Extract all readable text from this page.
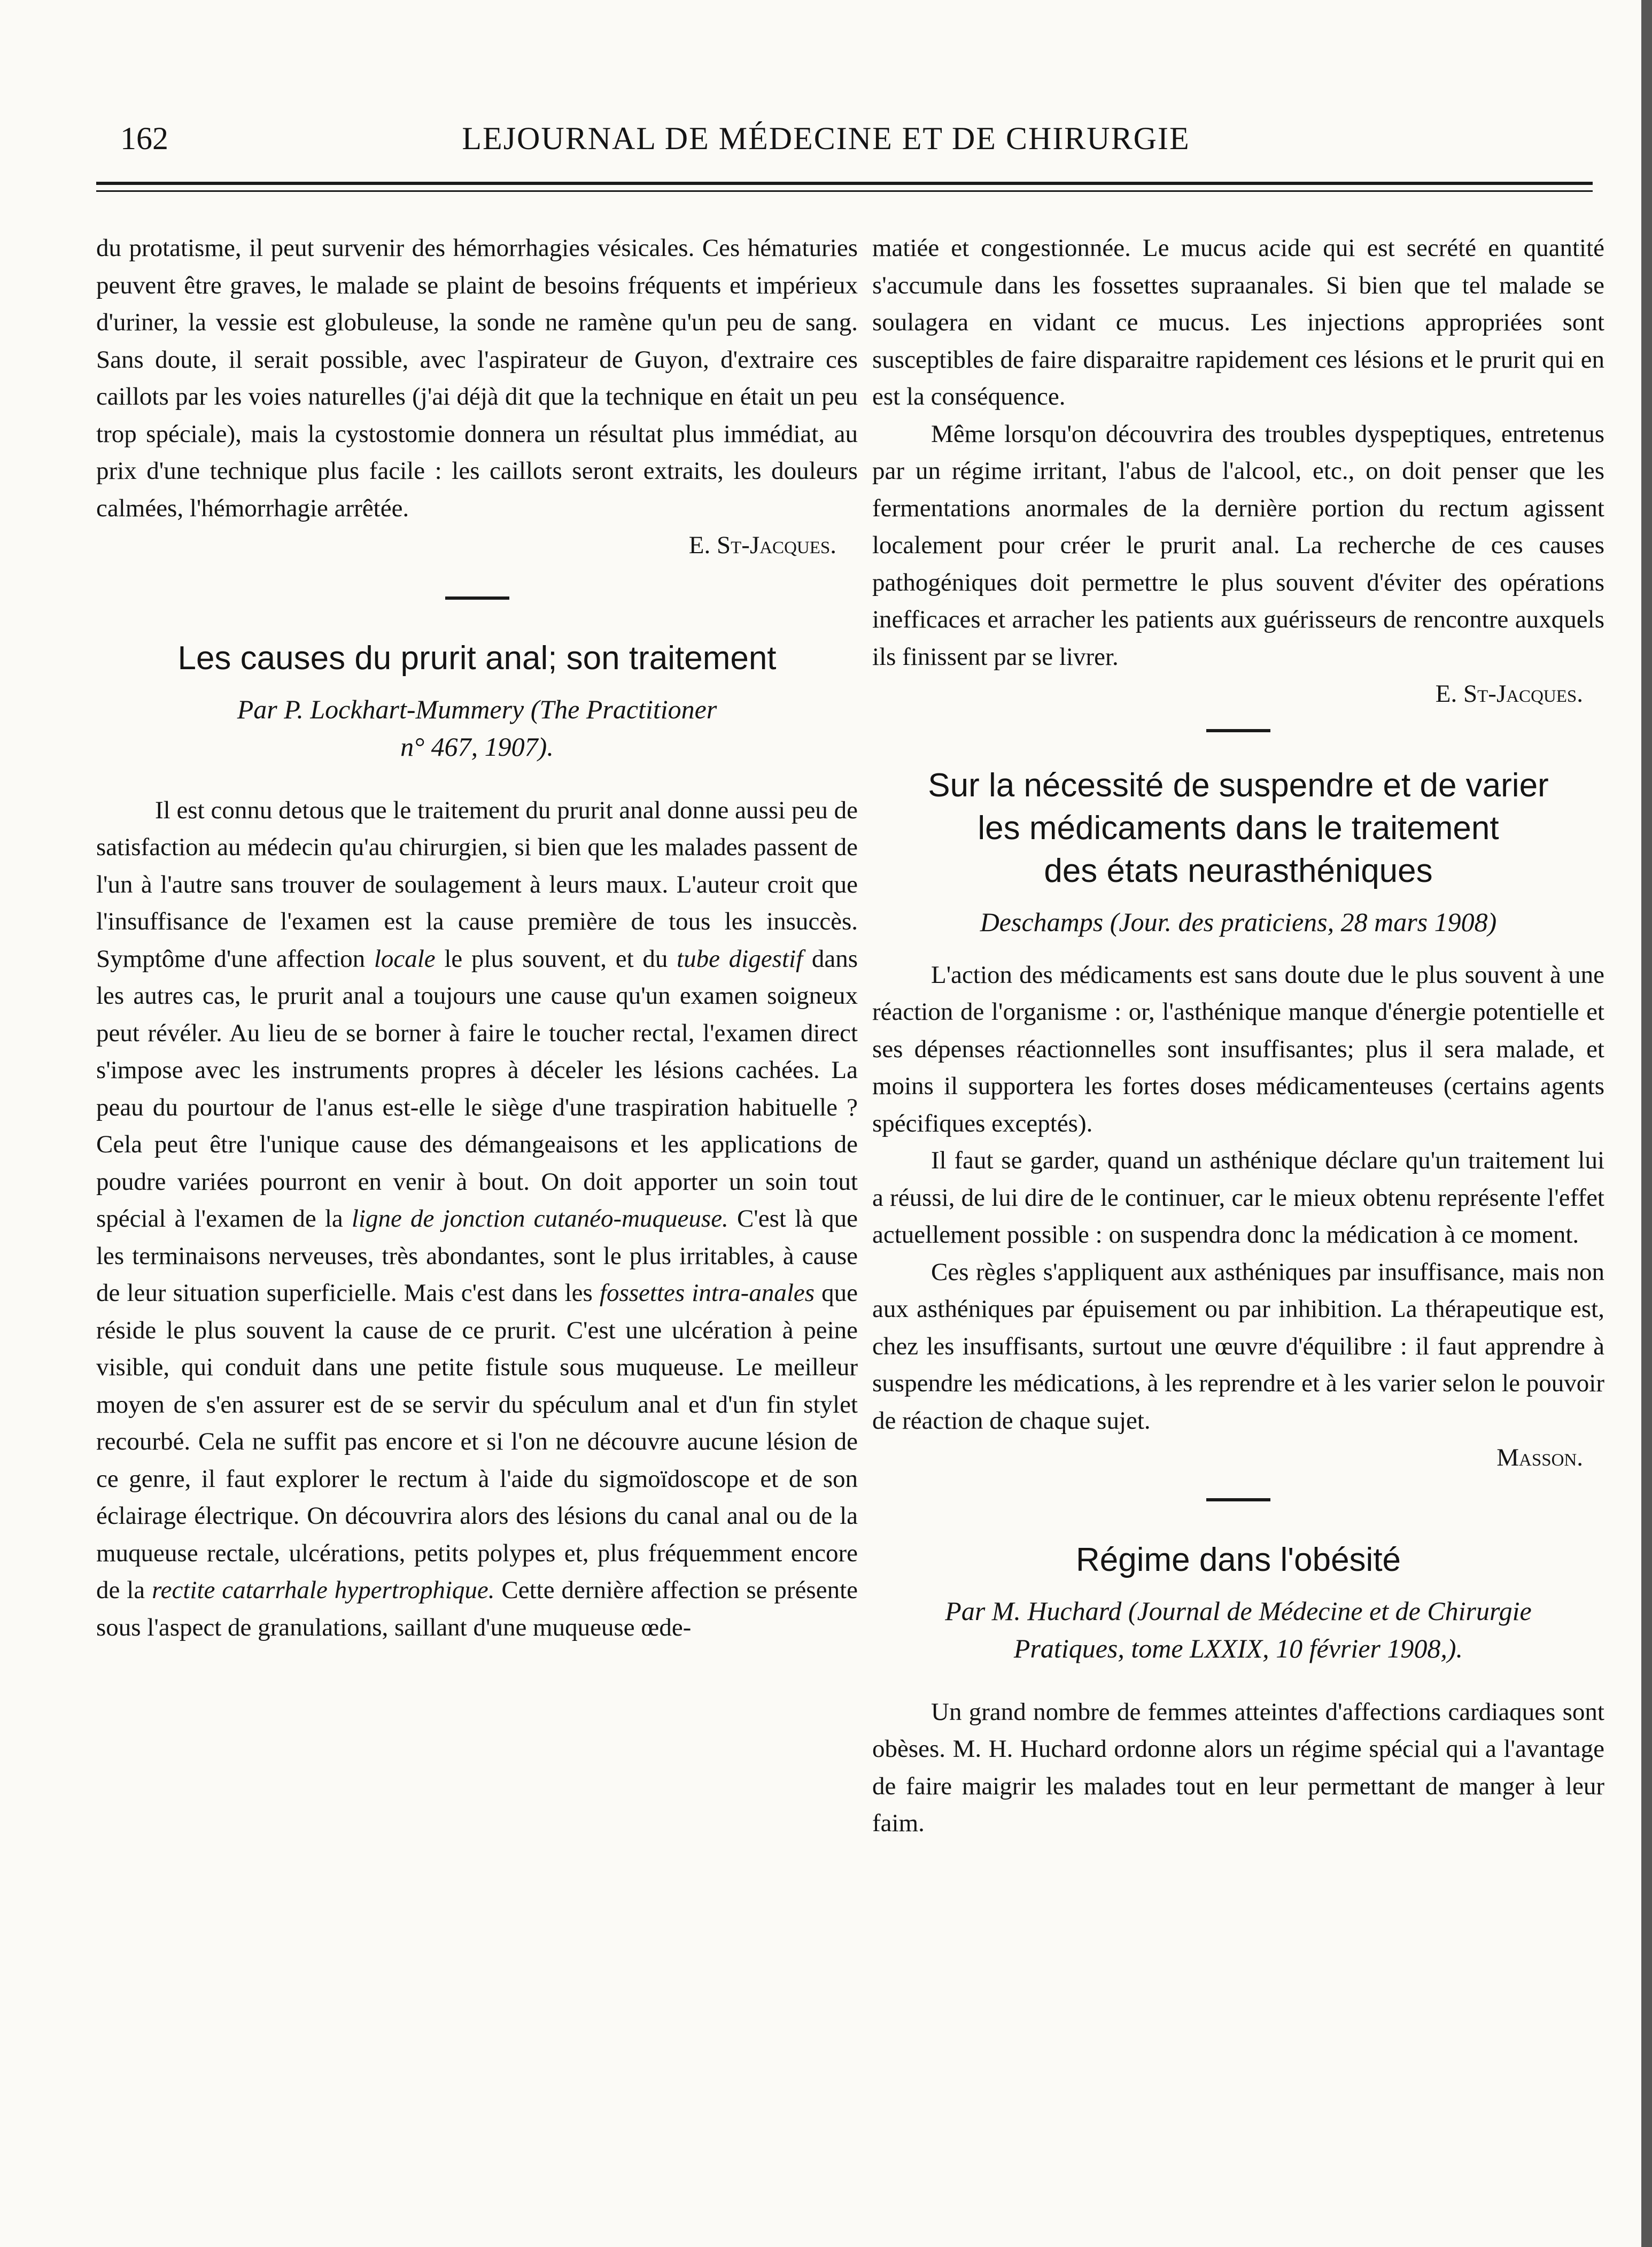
162	LEJOURNAL DE MÉDECINE ET DE CHIRURGIE

du protatisme, il peut survenir des hémorrhagies vésicales. Ces hématuries peuvent être graves, le malade se plaint de besoins fréquents et impérieux d'uriner, la vessie est globuleuse, la sonde ne ramène qu'un peu de sang. Sans doute, il serait possible, avec l'aspirateur de Guyon, d'extraire ces caillots par les voies naturelles (j'ai déjà dit que la technique en était un peu trop spéciale), mais la cystostomie donnera un résultat plus immédiat, au prix d'une technique plus facile : les caillots seront extraits, les douleurs calmées, l'hémorrhagie arrêtée.

E. St-Jacques.
Les causes du prurit anal; son traitement
Par P. Lockhart-Mummery (The Practitioner
n° 467, 1907).

Il est connu detous que le traitement du prurit anal donne aussi peu de satisfaction au médecin qu'au chirurgien, si bien que les malades passent de l'un à l'autre sans trouver de soulagement à leurs maux. L'auteur croit que l'insuffisance de l'examen est la cause première de tous les insuccès. Symptôme d'une affection locale le plus souvent, et du tube digestif dans les autres cas, le prurit anal a toujours une cause qu'un examen soigneux peut révéler. Au lieu de se borner à faire le toucher rectal, l'examen direct s'impose avec les instruments propres à déceler les lésions cachées. La peau du pourtour de l'anus est-elle le siège d'une traspiration habituelle ? Cela peut être l'unique cause des démangeaisons et les applications de poudre variées pourront en venir à bout. On doit apporter un soin tout spécial à l'examen de la ligne de jonction cutanéo-muqueuse. C'est là que les terminaisons nerveuses, très abondantes, sont le plus irritables, à cause de leur situation superficielle. Mais c'est dans les fossettes intra-anales que réside le plus souvent la cause de ce prurit. C'est une ulcération à peine visible, qui conduit dans une petite fistule sous muqueuse. Le meilleur moyen de s'en assurer est de se servir du spéculum anal et d'un fin stylet recourbé. Cela ne suffit pas encore et si l'on ne découvre aucune lésion de ce genre, il faut explorer le rectum à l'aide du sigmoïdoscope et de son éclairage électrique. On découvrira alors des lésions du canal anal ou de la muqueuse rectale, ulcérations, petits polypes et, plus fréquemment encore de la rectite catarrhale hypertrophique. Cette dernière affection se présente sous l'aspect de granulations, saillant d'une muqueuse œde-

matiée et congestionnée. Le mucus acide qui est secrété en quantité s'accumule dans les fossettes supraanales. Si bien que tel malade se soulagera en vidant ce mucus. Les injections appropriées sont susceptibles de faire disparaitre rapidement ces lésions et le prurit qui en est la conséquence.

Même lorsqu'on découvrira des troubles dyspeptiques, entretenus par un régime irritant, l'abus de l'alcool, etc., on doit penser que les fermentations anormales de la dernière portion du rectum agissent localement pour créer le prurit anal. La recherche de ces causes pathogéniques doit permettre le plus souvent d'éviter des opérations inefficaces et arracher les patients aux guérisseurs de rencontre auxquels ils finissent par se livrer.

E. St-Jacques.
Sur la nécessité de suspendre et de varier
les médicaments dans le traitement
des états neurasthéniques
Deschamps (Jour. des praticiens, 28 mars 1908)

L'action des médicaments est sans doute due le plus souvent à une réaction de l'organisme : or, l'asthénique manque d'énergie potentielle et ses dépenses réactionnelles sont insuffisantes; plus il sera malade, et moins il supportera les fortes doses médicamenteuses (certains agents spécifiques exceptés).

Il faut se garder, quand un asthénique déclare qu'un traitement lui a réussi, de lui dire de le continuer, car le mieux obtenu représente l'effet actuellement possible : on suspendra donc la médication à ce moment.

Ces règles s'appliquent aux asthéniques par insuffisance, mais non aux asthéniques par épuisement ou par inhibition. La thérapeutique est, chez les insuffisants, surtout une œuvre d'équilibre : il faut apprendre à suspendre les médications, à les reprendre et à les varier selon le pouvoir de réaction de chaque sujet.

Masson.
Régime dans l'obésité
Par M. Huchard (Journal de Médecine et de Chirurgie
Pratiques, tome LXXIX, 10 février 1908,).

Un grand nombre de femmes atteintes d'affections cardiaques sont obèses. M. H. Huchard ordonne alors un régime spécial qui a l'avantage de faire maigrir les malades tout en leur permettant de manger à leur faim.
